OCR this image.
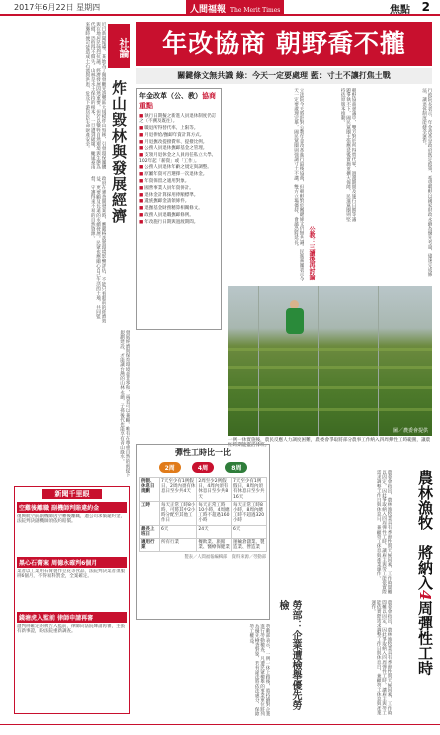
2017年6月22日 星期四	人間福報 The Merit Times	焦點 2
社論
炸山毀林與發展經濟
近日新聞報導，某地為了開發觀光遊樂區大規模炸山毀林，引發環保團體與在地居民強烈抗議。經濟發展固然重要，但若以犧牲自然環境與生態為代價，恐怕得不償失。山林是水土保持的根本，一旦遭到破壞，颱風豪雨來襲時便可能造成土石流與洪患，危及下游居民生命財產安全。
政府在審查開發案時，應嚴格落實環境影響評估，不能只看眼前的經濟效益，更要顧及長遠的永續發展。民眾也應關心自己生活的土地，共同監督，守護得來不易的自然資源。
發展經濟與保育環境並非零和，兩者可以兼顧。唯有在尊重自然的前提下規劃建設，才能讓台灣的山林永續，子孫後代也能享有青山綠水。
新聞千里眼
空難後離職 副機師判賠違約金
復興航空前副機師因空難後離職，遭公司求償違約金，法院判決副機師須依約賠償。
黑心石膏案 周德永確判6個月
業者以工業用石膏製作豆花等食品，法院判決業者須服刑6個月，不得易科罰金，全案確定。
錢塘虎入監前 律師申請再審
遭判刑確定的被告入監前，律師向法院聲請再審，主張有新事證，盼法院重新調查。
年改協商 朝野喬不攏
關鍵條文無共識 綠：今天一定要處理 藍：寸土不讓打焦土戰
年金改革（公、教）協商重點
■ 執行日期擬之新進人員退休制度仍訂之（不溯及既往）。
■ 職退所得替代率、上限等。
■ 月退俸給/撫卹年資計算方式。
■ 月退撫改提撥費率、提撥比例。
■ 公務人員退休撫卹基金之管理。
■ 支領月退休金之人員再任私立大學、102年起「薪資」或「工作」。
■ 公務人員退休年齡之規定與調整。
■ 原屬年資可否選擇一次退休金。
■ 年資保留之適用對象。
■ 國營事業人員年資併計。
■ 退休金計算採用俸額標準。
■ 遺族撫卹金請領條件。
■ 退撫基金財務精算相關條文。
■ 政務人員退職撫卹條例。
■ 年改施行日期與過渡期間。	立法院今天將針對公教年金改革進行最後協商，但朝野對於關鍵條文仍無共識。民進黨團表示今天一定要處理完畢，國民黨團則強調寸土不讓，雙方立場僵持，會議恐將延長。	朝野協商會議中，雙方對於所得替代率、過渡期間及施行日期等議題爭執不下，國民黨團主張應延後實施並擴大保障，民進黨團則堅持依原版本推動。	行政院長表示，年金改革是政府既定政策，希望朝野以國家財政永續為優先考量，儘速完成修法，讓退休制度能健全運作。
公教：三讀後再討論
圖／農委會提供
一例一休實施後，農民反應人力調度困難，農委會爭取將部分農事工作納入四周彈性工時範圍，讓農忙時期能靈活排班。
彈性工時比一比
2周	4周	8周
例假、休息日規劃	7天至少有1例假日，2周內須有休息日至少共4天	2周至少2例假日，4周內須有休息日至少共8天	7天至少有1例假日，8周內須有休息日至少共16天
工時	每天正常工時8小時，可將其中2小時分配至其他工作日	每天正常工時10小時，4周總工時不超過160小時	每天正常工時8小時，8周內總工時不超過320小時
最長上班日	6天	24天	6天
適用行業	所有行業	餐飲業、旅館業、醫療保健業	運輸倉儲業、製造業、營造業
製表／人間福報編輯部　資料來源／勞動部	農委會指出，農林漁牧業具有季節性與天候因素，工作時間難以固定，因此爭取納入四周彈性工時，讓雇主與勞工能依實際需求調整工作日與休息日，兼顧勞工休息與產業運作。
勞部：企業遭檢舉優先勞檢
勞動部表示，一例一休上路後，將持續對企業進行勞動檢查，凡遭民眾檢舉的事業單位將列為優先檢查對象，若有違法將依法處分，保障勞工權益。	農委會指出，農林漁牧業具有季節性與天候因素，工作時間難以固定，因此爭取納入四周彈性工時，讓雇主與勞工能依實際需求調整工作日與休息日，兼顧勞工休息與產業運作。
農林漁牧　將納入4周彈性工時
